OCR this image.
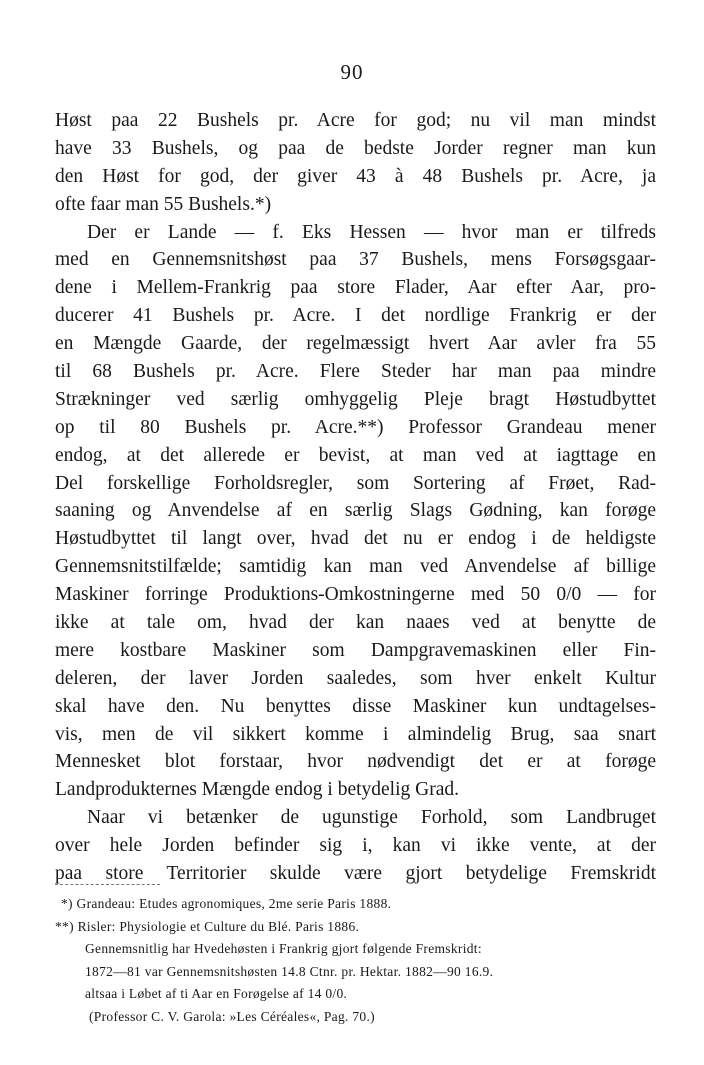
90
Høst paa 22 Bushels pr. Acre for god; nu vil man mindst
have 33 Bushels, og paa de bedste Jorder regner man kun
den Høst for god, der giver 43 à 48 Bushels pr. Acre, ja
ofte faar man 55 Bushels.*)
Der er Lande — f. Eks Hessen — hvor man er tilfreds
med en Gennemsnitshøst paa 37 Bushels, mens Forsøgsgaar-
dene i Mellem-Frankrig paa store Flader, Aar efter Aar, pro-
ducerer 41 Bushels pr. Acre. I det nordlige Frankrig er der
en Mængde Gaarde, der regelmæssigt hvert Aar avler fra 55
til 68 Bushels pr. Acre. Flere Steder har man paa mindre
Strækninger ved særlig omhyggelig Pleje bragt Høstudbyttet
op til 80 Bushels pr. Acre.**) Professor Grandeau mener
endog, at det allerede er bevist, at man ved at iagttage en
Del forskellige Forholdsregler, som Sortering af Frøet, Rad-
saaning og Anvendelse af en særlig Slags Gødning, kan forøge
Høstudbyttet til langt over, hvad det nu er endog i de heldigste
Gennemsnitstilfælde; samtidig kan man ved Anvendelse af billige
Maskiner forringe Produktions-Omkostningerne med 50 0/0 — for
ikke at tale om, hvad der kan naaes ved at benytte de
mere kostbare Maskiner som Dampgravemaskinen eller Fin-
deleren, der laver Jorden saaledes, som hver enkelt Kultur
skal have den. Nu benyttes disse Maskiner kun undtagelses-
vis, men de vil sikkert komme i almindelig Brug, saa snart
Mennesket blot forstaar, hvor nødvendigt det er at forøge
Landprodukternes Mængde endog i betydelig Grad.
Naar vi betænker de ugunstige Forhold, som Landbruget
over hele Jorden befinder sig i, kan vi ikke vente, at der
paa store Territorier skulde være gjort betydelige Fremskridt
*) Grandeau: Etudes agronomiques, 2me serie Paris 1888.
**) Risler: Physiologie et Culture du Blé. Paris 1886.
Gennemsnitlig har Hvedehøsten i Frankrig gjort følgende Fremskridt:
1872—81 var Gennemsnitshøsten 14.8 Ctnr. pr. Hektar. 1882—90 16.9.
altsaa i Løbet af ti Aar en Forøgelse af 14 0/0.
(Professor C. V. Garola: »Les Céréales«, Pag. 70.)
